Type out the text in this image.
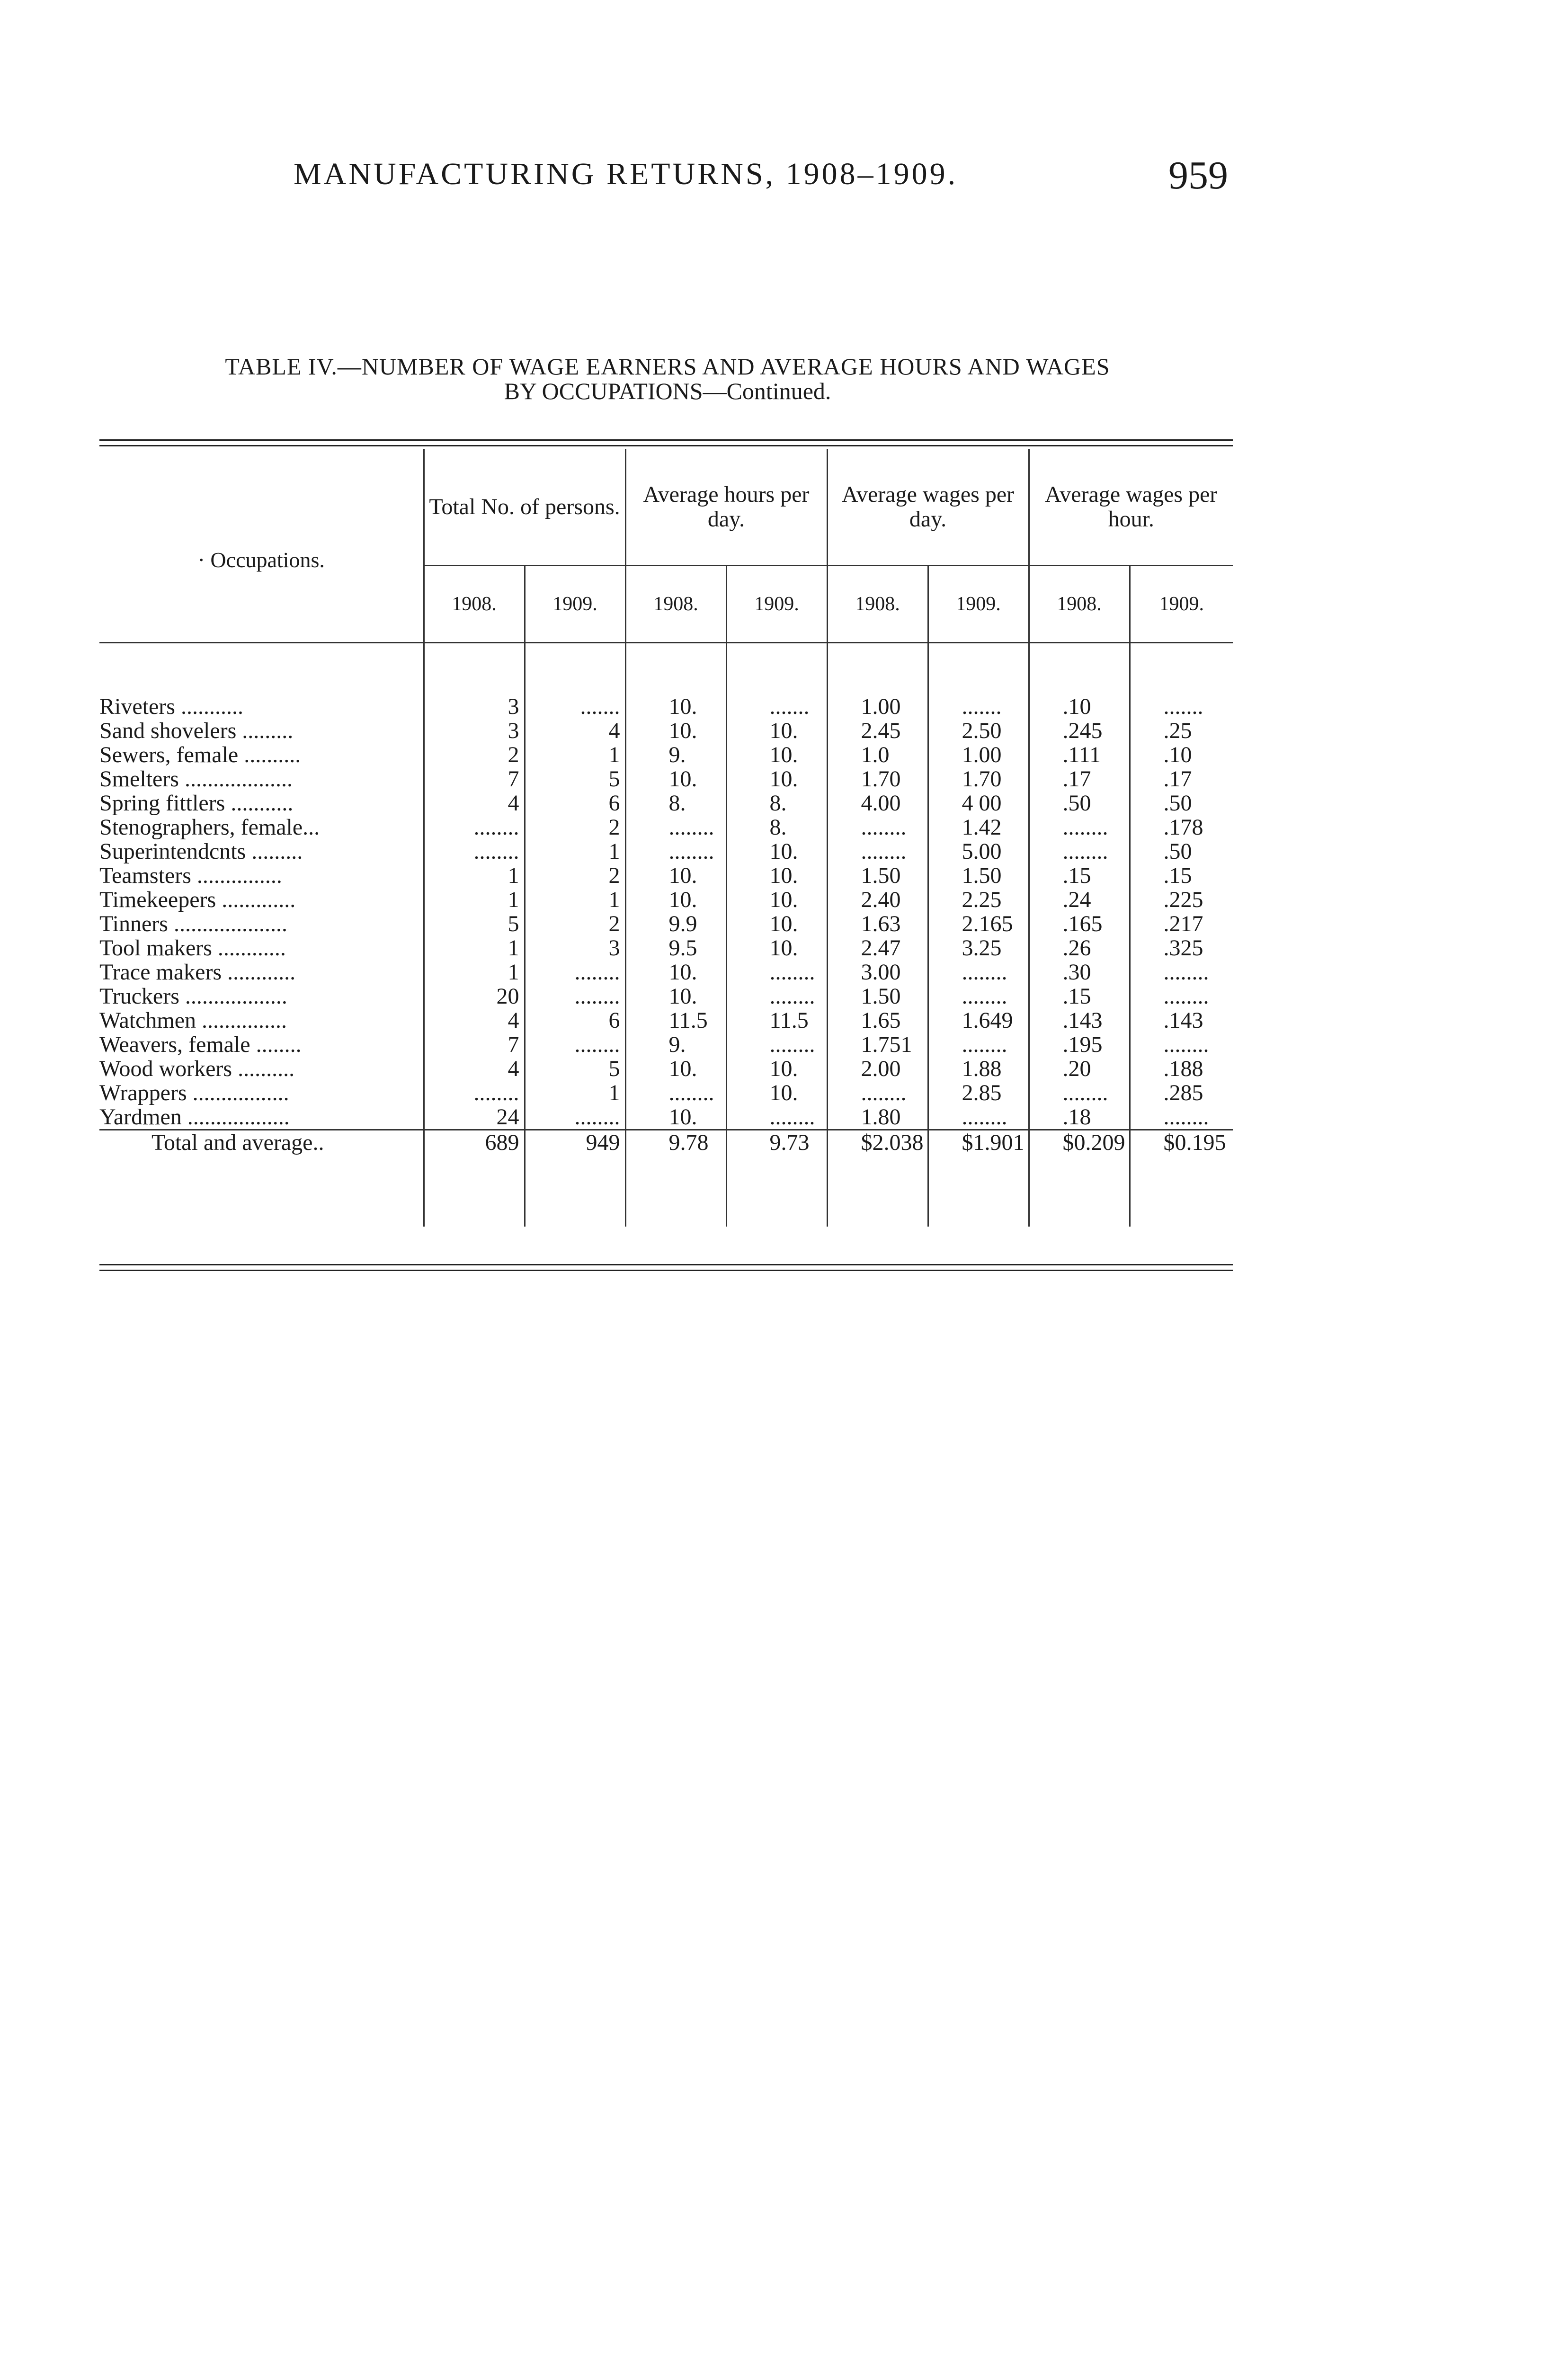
MANUFACTURING RETURNS, 1908–1909.	959
TABLE IV.—NUMBER OF WAGE EARNERS AND AVERAGE HOURS AND WAGES
BY OCCUPATIONS—Continued.
· Occupations.	Total No. of persons.		Average hours per day.		Average wages per day.		Average wages per hour.	
	1908.	1909.	1908.	1909.	1908.	1909.	1908.	1909.

Riveters ...........	3	.......	10.	.......	1.00	.......	.10	.......
Sand shovelers .........	3	4	10.	10.	2.45	2.50	.245	.25
Sewers, female ..........	2	1	9.	10.	1.0	1.00	.111	.10
Smelters ...................	7	5	10.	10.	1.70	1.70	.17	.17
Spring fittlers ...........	4	6	8.	8.	4.00	4 00	.50	.50
Stenographers, female...	........	2	........	8.	........	1.42	........	.178
Superintendcnts .........	........	1	........	10.	........	5.00	........	.50
Teamsters ...............	1	2	10.	10.	1.50	1.50	.15	.15
Timekeepers .............	1	1	10.	10.	2.40	2.25	.24	.225
Tinners ....................	5	2	9.9	10.	1.63	2.165	.165	.217
Tool makers ............	1	3	9.5	10.	2.47	3.25	.26	.325
Trace makers ............	1	........	10.	........	3.00	........	.30	........
Truckers ..................	20	........	10.	........	1.50	........	.15	........
Watchmen ...............	4	6	11.5	11.5	1.65	1.649	.143	.143
Weavers, female ........	7	........	9.	........	1.751	........	.195	........
Wood workers ..........	4	5	10.	10.	2.00	1.88	.20	.188
Wrappers .................	........	1	........	10.	........	2.85	........	.285
Yardmen ..................	24	........	10.	........	1.80	........	.18	........
Total and average..	689	949	9.78	9.73	$2.038	$1.901	$0.209	$0.195
